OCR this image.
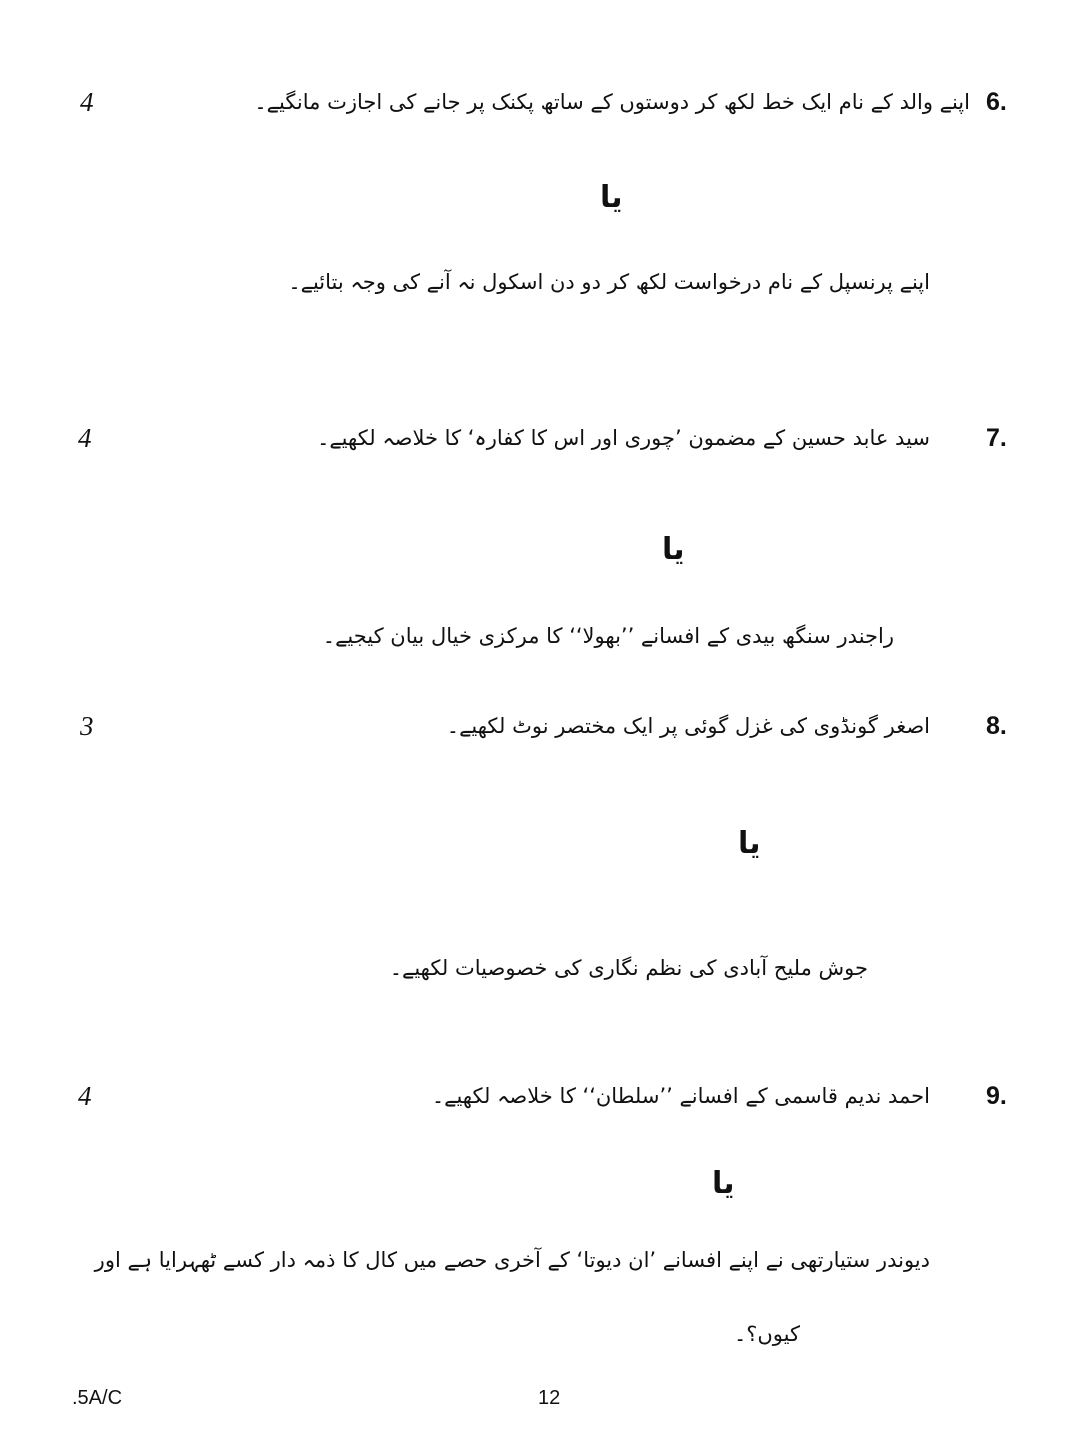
6.
4	اپنے والد کے نام ایک خط لکھ کر دوستوں کے ساتھ پکنک پر جانے کی اجازت مانگیے۔
یا
اپنے پرنسپل کے نام درخواست لکھ کر دو دن اسکول نہ آنے کی وجہ بتائیے۔
7.
4	سید عابد حسین کے مضمون ’چوری اور اس کا کفارہ‘ کا خلاصہ لکھیے۔
یا
راجندر سنگھ بیدی کے افسانے ’’بھولا‘‘ کا مرکزی خیال بیان کیجیے۔
8.
3	اصغر گونڈوی کی غزل گوئی پر ایک مختصر نوٹ لکھیے۔
یا
جوش ملیح آبادی کی نظم نگاری کی خصوصیات لکھیے۔
9.
4	احمد ندیم قاسمی کے افسانے ’’سلطان‘‘ کا خلاصہ لکھیے۔
یا
دیوندر ستیارتھی نے اپنے افسانے ’ان دیوتا‘ کے آخری حصے میں کال کا ذمہ دار کسے ٹھہرایا ہے اور
کیوں؟۔
.5A/C	12
